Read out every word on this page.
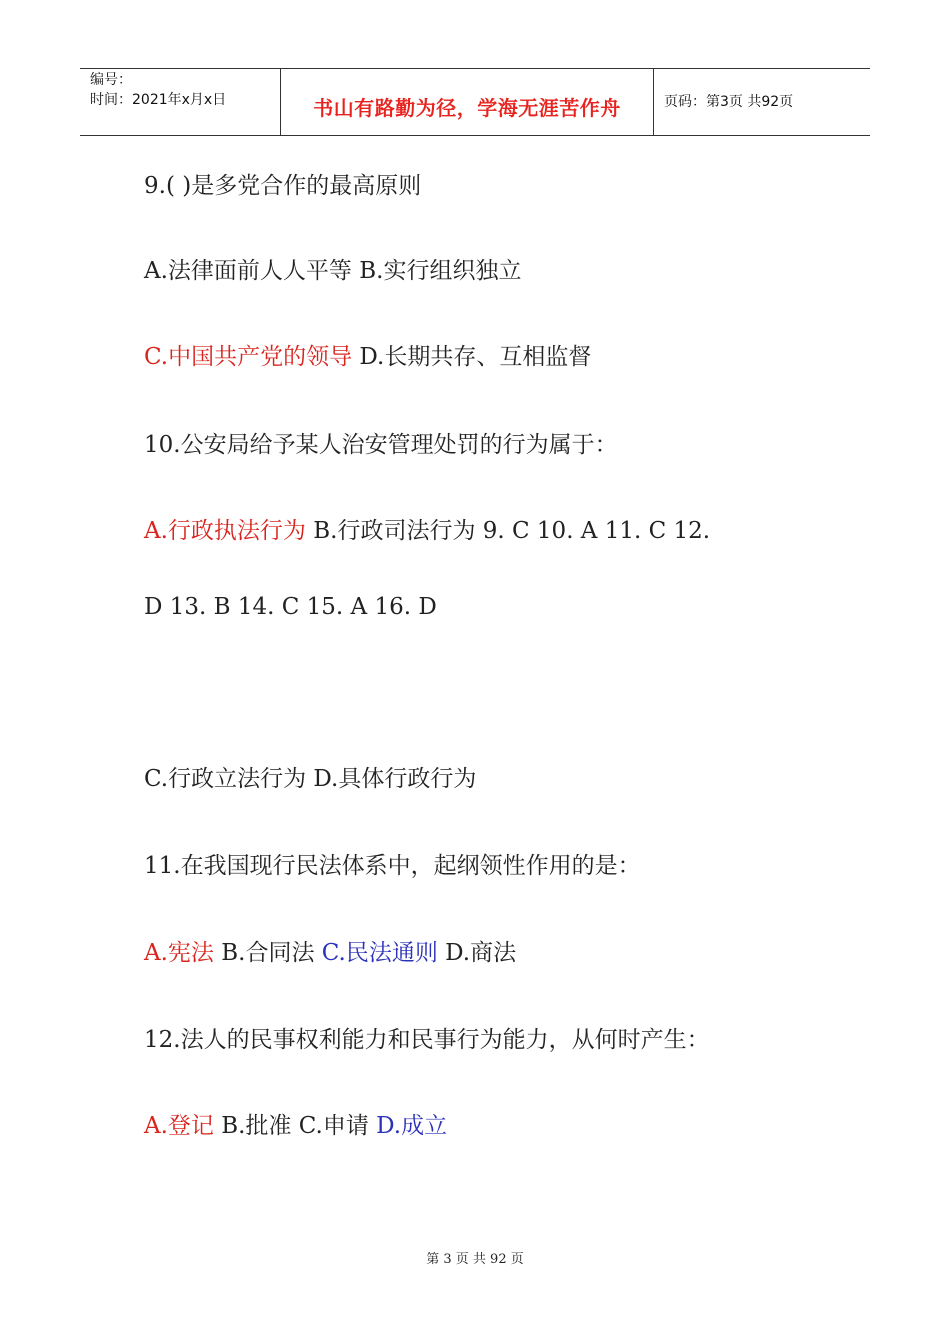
编号：
时间：2021年x月x日	书山有路勤为径，学海无涯苦作舟	页码：第3页 共92页
9.( )是多党合作的最高原则
A.法律面前人人平等 B.实行组织独立
C.中国共产党的领导 D.长期共存、互相监督
10.公安局给予某人治安管理处罚的行为属于：
A.行政执法行为 B.行政司法行为 9. C 10. A 11. C 12.
D 13. B 14. C 15. A 16. D
C.行政立法行为 D.具体行政行为
11.在我国现行民法体系中，起纲领性作用的是：
A.宪法 B.合同法 C.民法通则 D.商法
12.法人的民事权利能力和民事行为能力，从何时产生：
A.登记 B.批准 C.申请 D.成立
第 3 页 共 92 页
